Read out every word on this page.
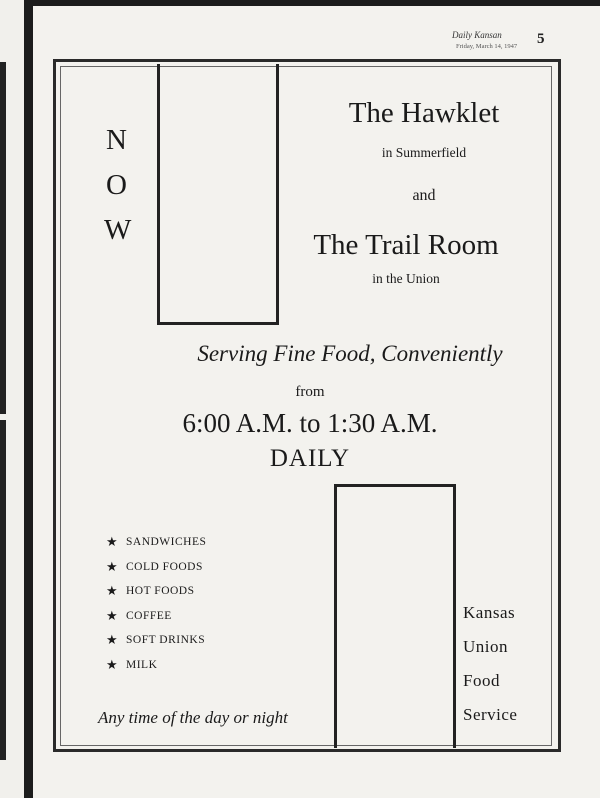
Daily Kansan
Friday, March 14, 1947 5
N
O
W
The Hawklet
in Summerfield
and
The Trail Room
in the Union
Serving Fine Food, Conveniently
from
6:00 A.M. to 1:30 A.M.
DAILY
★ SANDWICHES
★ COLD FOODS
★ HOT FOODS
★ COFFEE
★ SOFT DRINKS
★ MILK
Any time of the day or night
Kansas
Union
Food
Service
